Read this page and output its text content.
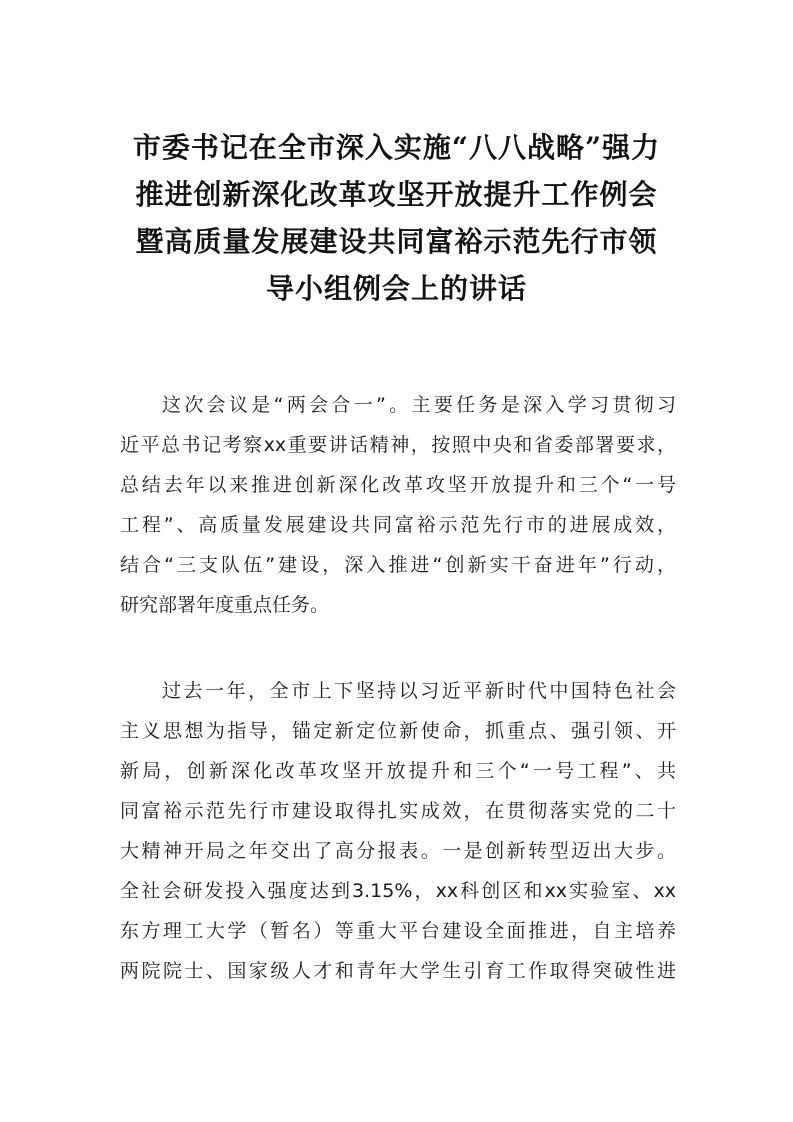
市委书记在全市深入实施“八八战略”强力
推进创新深化改革攻坚开放提升工作例会
暨高质量发展建设共同富裕示范先行市领
导小组例会上的讲话
这次会议是“两会合一”。主要任务是深入学习贯彻习
近平总书记考察xx重要讲话精神，按照中央和省委部署要求，
总结去年以来推进创新深化改革攻坚开放提升和三个“一号
工程”、高质量发展建设共同富裕示范先行市的进展成效，
结合“三支队伍”建设，深入推进“创新实干奋进年”行动，
研究部署年度重点任务。
过去一年，全市上下坚持以习近平新时代中国特色社会
主义思想为指导，锚定新定位新使命，抓重点、强引领、开
新局，创新深化改革攻坚开放提升和三个“一号工程”、共
同富裕示范先行市建设取得扎实成效，在贯彻落实党的二十
大精神开局之年交出了高分报表。一是创新转型迈出大步。
全社会研发投入强度达到3.15%，xx科创区和xx实验室、xx
东方理工大学（暂名）等重大平台建设全面推进，自主培养
两院院士、国家级人才和青年大学生引育工作取得突破性进
